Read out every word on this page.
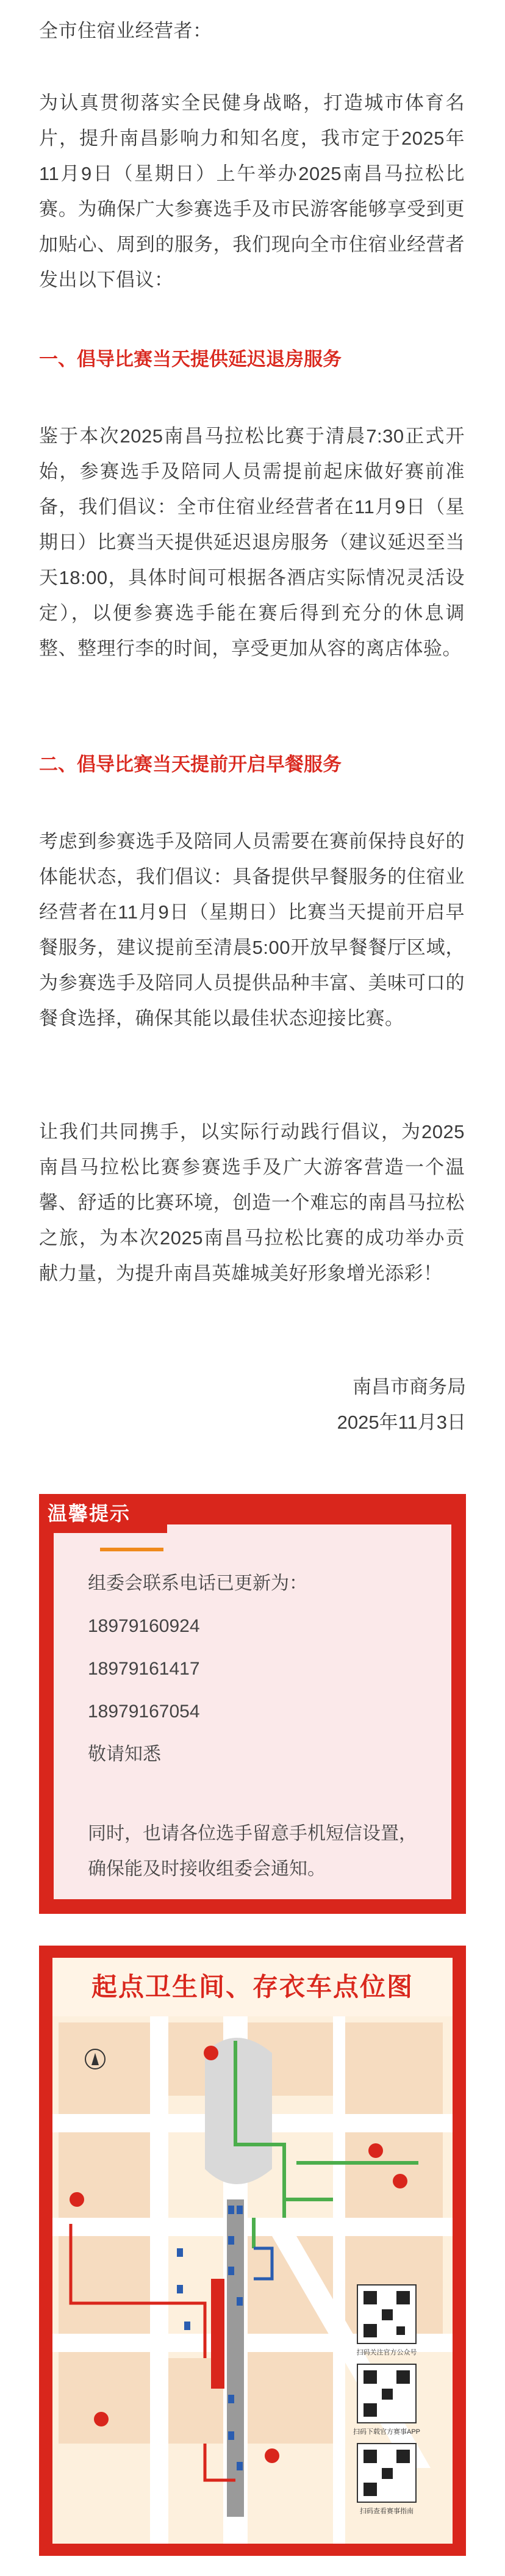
全市住宿业经营者：
为认真贯彻落实全民健身战略，打造城市体育名片，提升南昌影响力和知名度，我市定于2025年11月9日（星期日）上午举办2025南昌马拉松比赛。为确保广大参赛选手及市民游客能够享受到更加贴心、周到的服务，我们现向全市住宿业经营者发出以下倡议：
一、倡导比赛当天提供延迟退房服务
鉴于本次2025南昌马拉松比赛于清晨7:30正式开始，参赛选手及陪同人员需提前起床做好赛前准备，我们倡议：全市住宿业经营者在11月9日（星期日）比赛当天提供延迟退房服务（建议延迟至当天18:00，具体时间可根据各酒店实际情况灵活设定），以便参赛选手能在赛后得到充分的休息调整、整理行李的时间，享受更加从容的离店体验。
二、倡导比赛当天提前开启早餐服务
考虑到参赛选手及陪同人员需要在赛前保持良好的体能状态，我们倡议：具备提供早餐服务的住宿业经营者在11月9日（星期日）比赛当天提前开启早餐服务，建议提前至清晨5:00开放早餐餐厅区域，为参赛选手及陪同人员提供品种丰富、美味可口的餐食选择，确保其能以最佳状态迎接比赛。
让我们共同携手，以实际行动践行倡议，为2025南昌马拉松比赛参赛选手及广大游客营造一个温馨、舒适的比赛环境，创造一个难忘的南昌马拉松之旅，为本次2025南昌马拉松比赛的成功举办贡献力量，为提升南昌英雄城美好形象增光添彩！
南昌市商务局
2025年11月3日
温馨提示
组委会联系电话已更新为：
18979160924
18979161417
18979167054
敬请知悉
同时，也请各位选手留意手机短信设置，确保能及时接收组委会通知。
起点卫生间、存衣车点位图
扫码关注官方公众号
扫码下载官方赛事APP
扫码查看赛事指南
